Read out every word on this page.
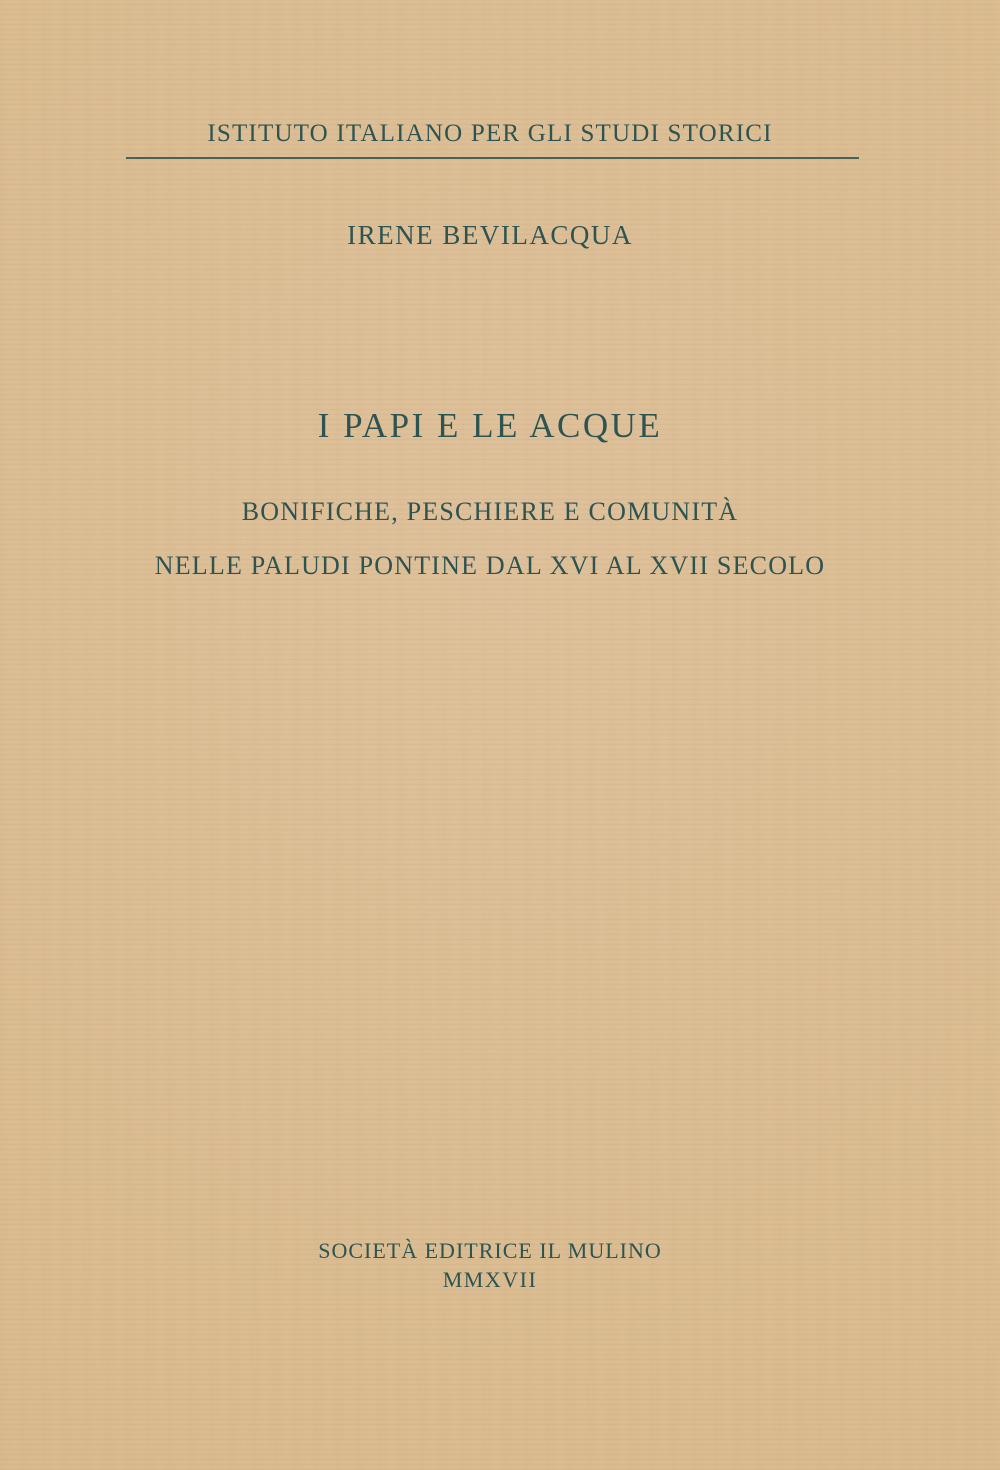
ISTITUTO ITALIANO PER GLI STUDI STORICI
IRENE BEVILACQUA
I PAPI E LE ACQUE
BONIFICHE, PESCHIERE E COMUNITÀ
NELLE PALUDI PONTINE DAL XVI AL XVII SECOLO
SOCIETÀ EDITRICE IL MULINO
MMXVII
